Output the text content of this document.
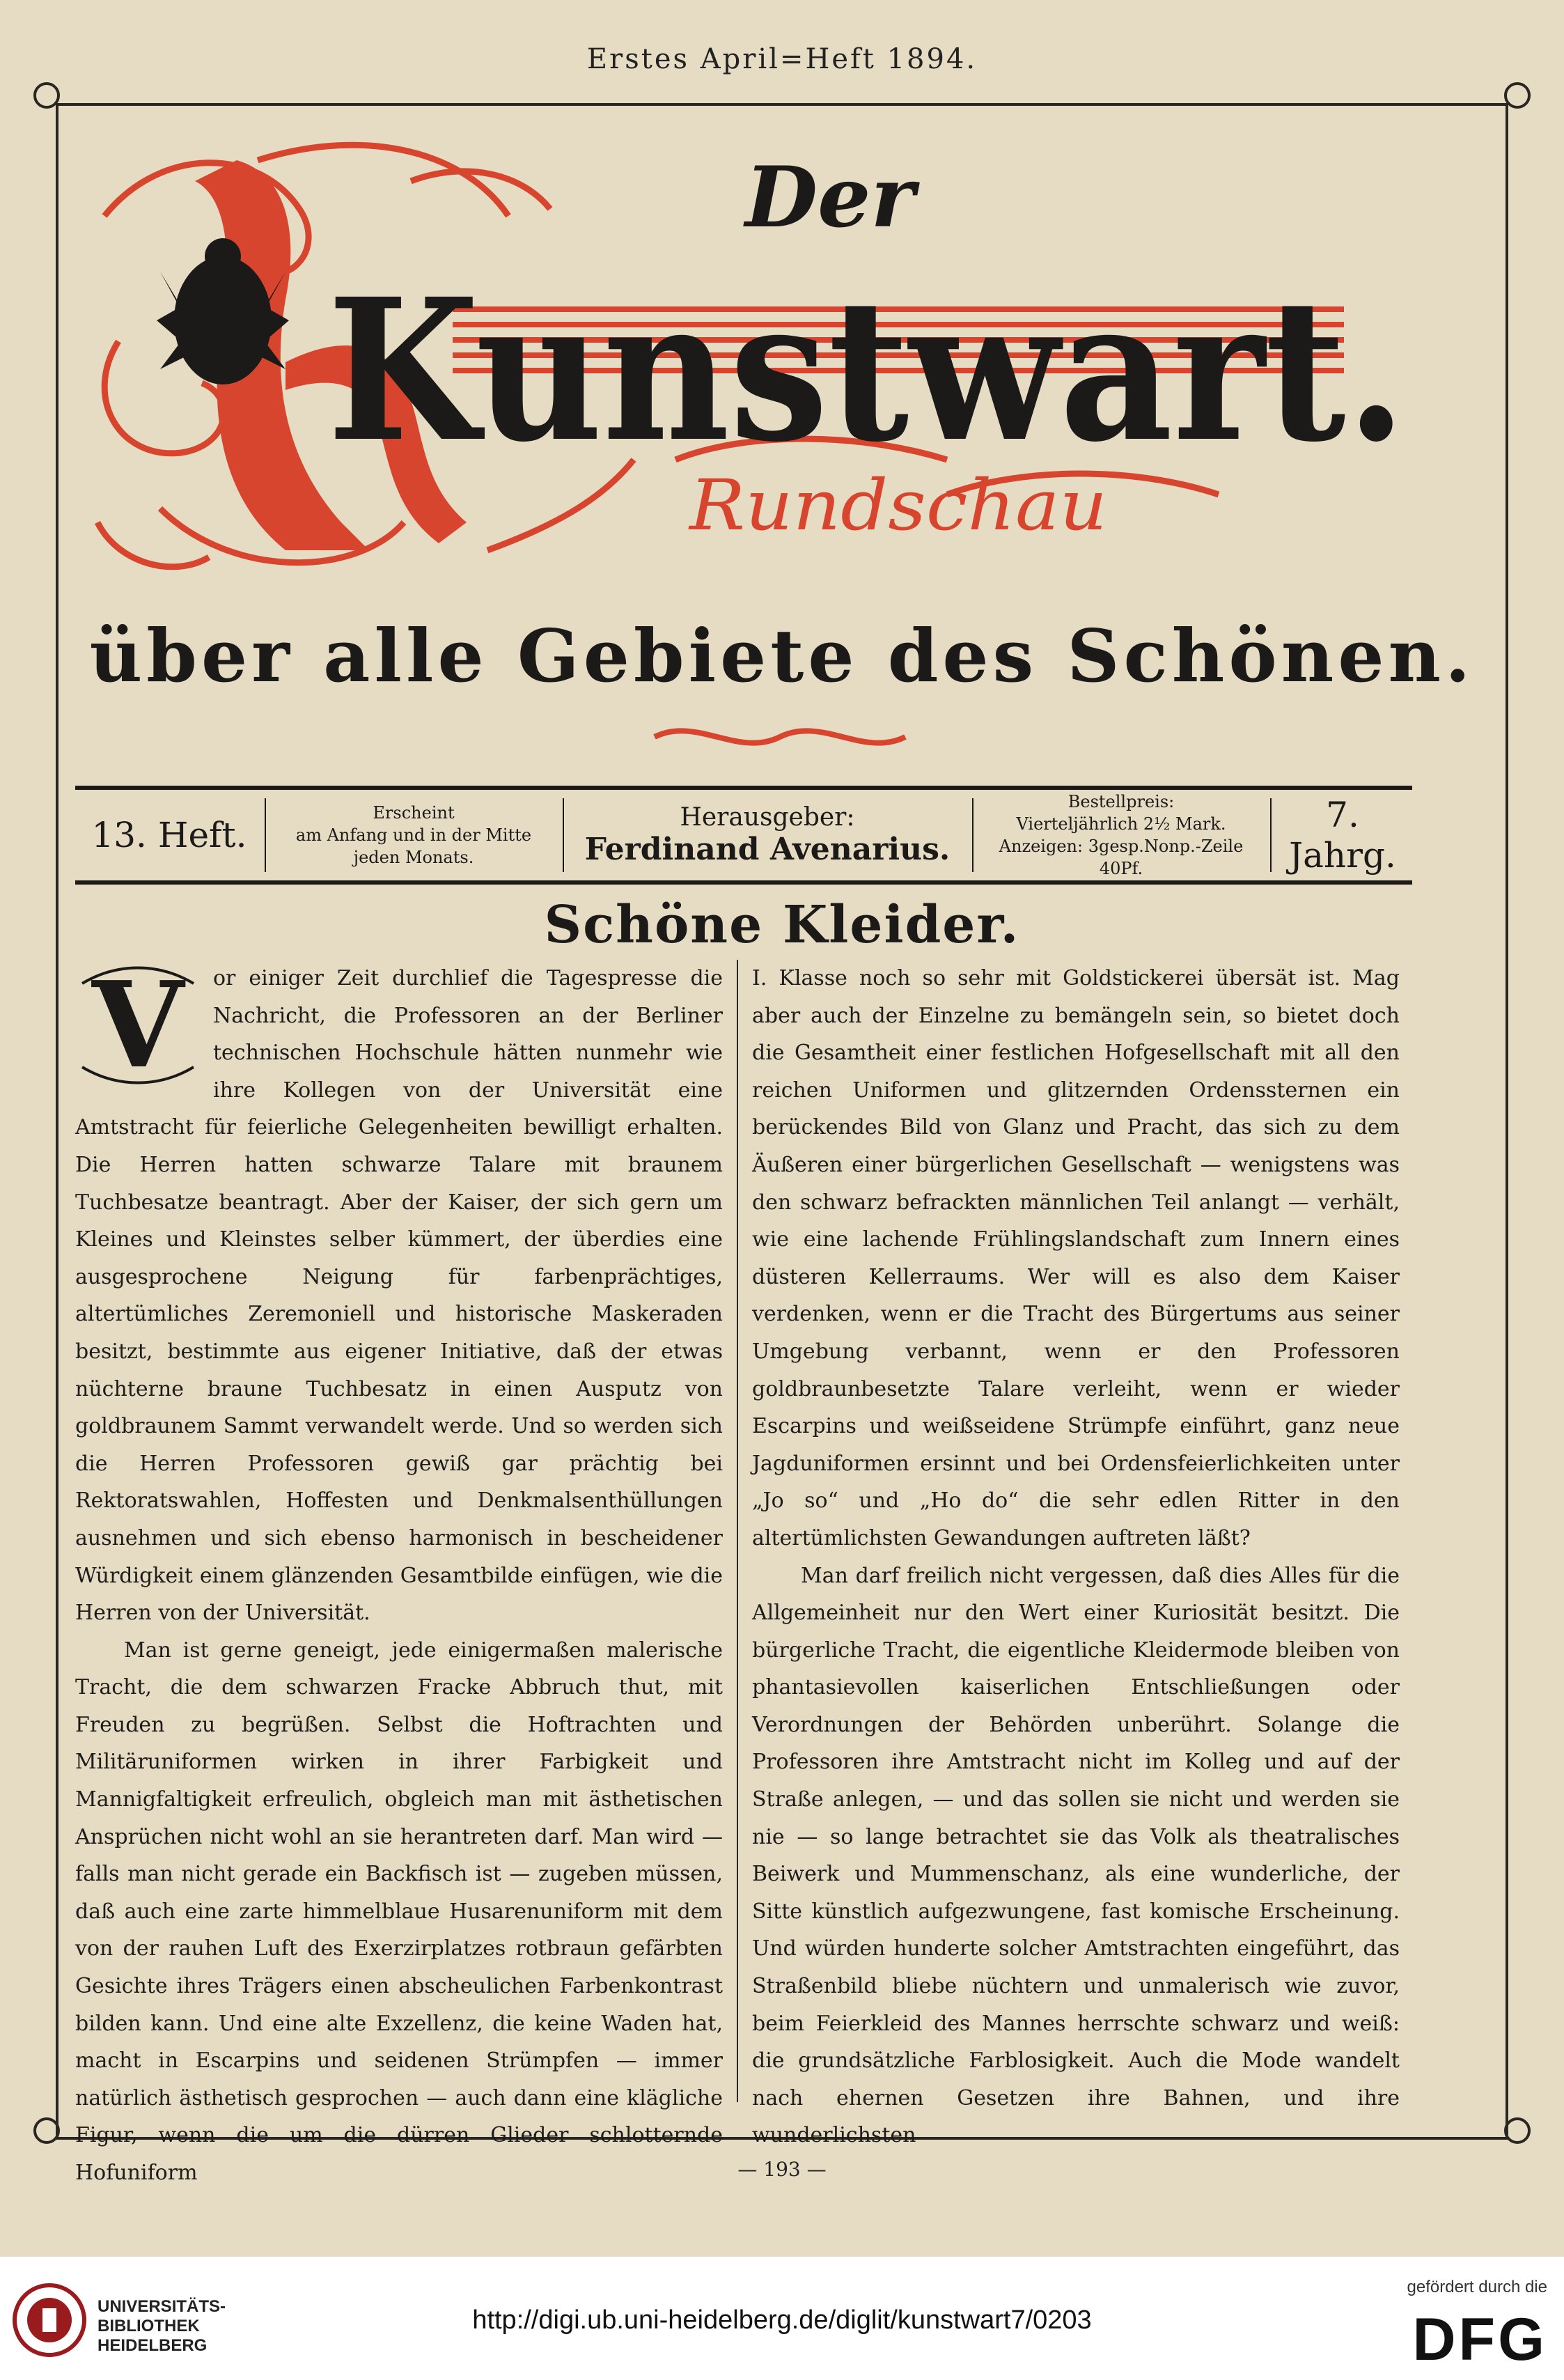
Erstes April=Heft 1894.
Der
Kunstwart.
Rundschau
über alle Gebiete des Schönen.
13. Heft.
Erscheint
am Anfang und in der Mitte
jeden Monats.
Herausgeber:
Ferdinand Avenarius.
Bestellpreis:
Vierteljährlich 2½ Mark.
Anzeigen: 3gesp.Nonp.-Zeile 40Pf.
7. Jahrg.
Schöne Kleider.
V	or einiger Zeit durchlief die Tagespresse die Nachricht, die Professoren an der Berliner technischen Hochschule hätten nunmehr wie ihre Kollegen von der Universität eine Amtstracht für feierliche Gelegenheiten bewilligt erhalten. Die Herren hatten schwarze Talare mit braunem Tuchbesatze beantragt. Aber der Kaiser, der sich gern um Kleines und Kleinstes selber kümmert, der überdies eine ausgesprochene Neigung für farbenprächtiges, altertümliches Zeremoniell und historische Maskeraden besitzt, bestimmte aus eigener Initiative, daß der etwas nüchterne braune Tuchbesatz in einen Ausputz von goldbraunem Sammt verwandelt werde. Und so werden sich die Herren Professoren gewiß gar prächtig bei Rektoratswahlen, Hoffesten und Denkmalsenthüllungen ausnehmen und sich ebenso harmonisch in bescheidener Würdigkeit einem glänzenden Gesamtbilde einfügen, wie die Herren von der Universität.

Man ist gerne geneigt, jede einigermaßen malerische Tracht, die dem schwarzen Fracke Abbruch thut, mit Freuden zu begrüßen. Selbst die Hoftrachten und Militäruniformen wirken in ihrer Farbigkeit und Mannigfaltigkeit erfreulich, obgleich man mit ästhetischen Ansprüchen nicht wohl an sie herantreten darf. Man wird — falls man nicht gerade ein Backfisch ist — zugeben müssen, daß auch eine zarte himmelblaue Husarenuniform mit dem von der rauhen Luft des Exerzirplatzes rotbraun gefärbten Gesichte ihres Trägers einen abscheulichen Farbenkontrast bilden kann. Und eine alte Exzellenz, die keine Waden hat, macht in Escarpins und seidenen Strümpfen — immer natürlich ästhetisch gesprochen — auch dann eine klägliche Figur, wenn die um die dürren Glieder schlotternde Hofuniform

I. Klasse noch so sehr mit Goldstickerei übersät ist. Mag aber auch der Einzelne zu bemängeln sein, so bietet doch die Gesamtheit einer festlichen Hofgesellschaft mit all den reichen Uniformen und glitzernden Ordenssternen ein berückendes Bild von Glanz und Pracht, das sich zu dem Äußeren einer bürgerlichen Gesellschaft — wenigstens was den schwarz befrackten männlichen Teil anlangt — verhält, wie eine lachende Frühlingslandschaft zum Innern eines düsteren Kellerraums. Wer will es also dem Kaiser verdenken, wenn er die Tracht des Bürgertums aus seiner Umgebung verbannt, wenn er den Professoren goldbraunbesetzte Talare verleiht, wenn er wieder Escarpins und weißseidene Strümpfe einführt, ganz neue Jagduniformen ersinnt und bei Ordensfeierlichkeiten unter „Jo so“ und „Ho do“ die sehr edlen Ritter in den altertümlichsten Gewandungen auftreten läßt?

Man darf freilich nicht vergessen, daß dies Alles für die Allgemeinheit nur den Wert einer Kuriosität besitzt. Die bürgerliche Tracht, die eigentliche Kleidermode bleiben von phantasievollen kaiserlichen Entschließungen oder Verordnungen der Behörden unberührt. Solange die Professoren ihre Amtstracht nicht im Kolleg und auf der Straße anlegen, — und das sollen sie nicht und werden sie nie — so lange betrachtet sie das Volk als theatralisches Beiwerk und Mummenschanz, als eine wunderliche, der Sitte künstlich aufgezwungene, fast komische Erscheinung. Und würden hunderte solcher Amtstrachten eingeführt, das Straßenbild bliebe nüchtern und unmalerisch wie zuvor, beim Feierkleid des Mannes herrschte schwarz und weiß: die grundsätzliche Farblosigkeit. Auch die Mode wandelt nach ehernen Gesetzen ihre Bahnen, und ihre wunderlichsten

— 193 —
UNIVERSITÄTS-
BIBLIOTHEK
HEIDELBERG
http://digi.ub.uni-heidelberg.de/diglit/kunstwart7/0203
gefördert durch die
DFG
